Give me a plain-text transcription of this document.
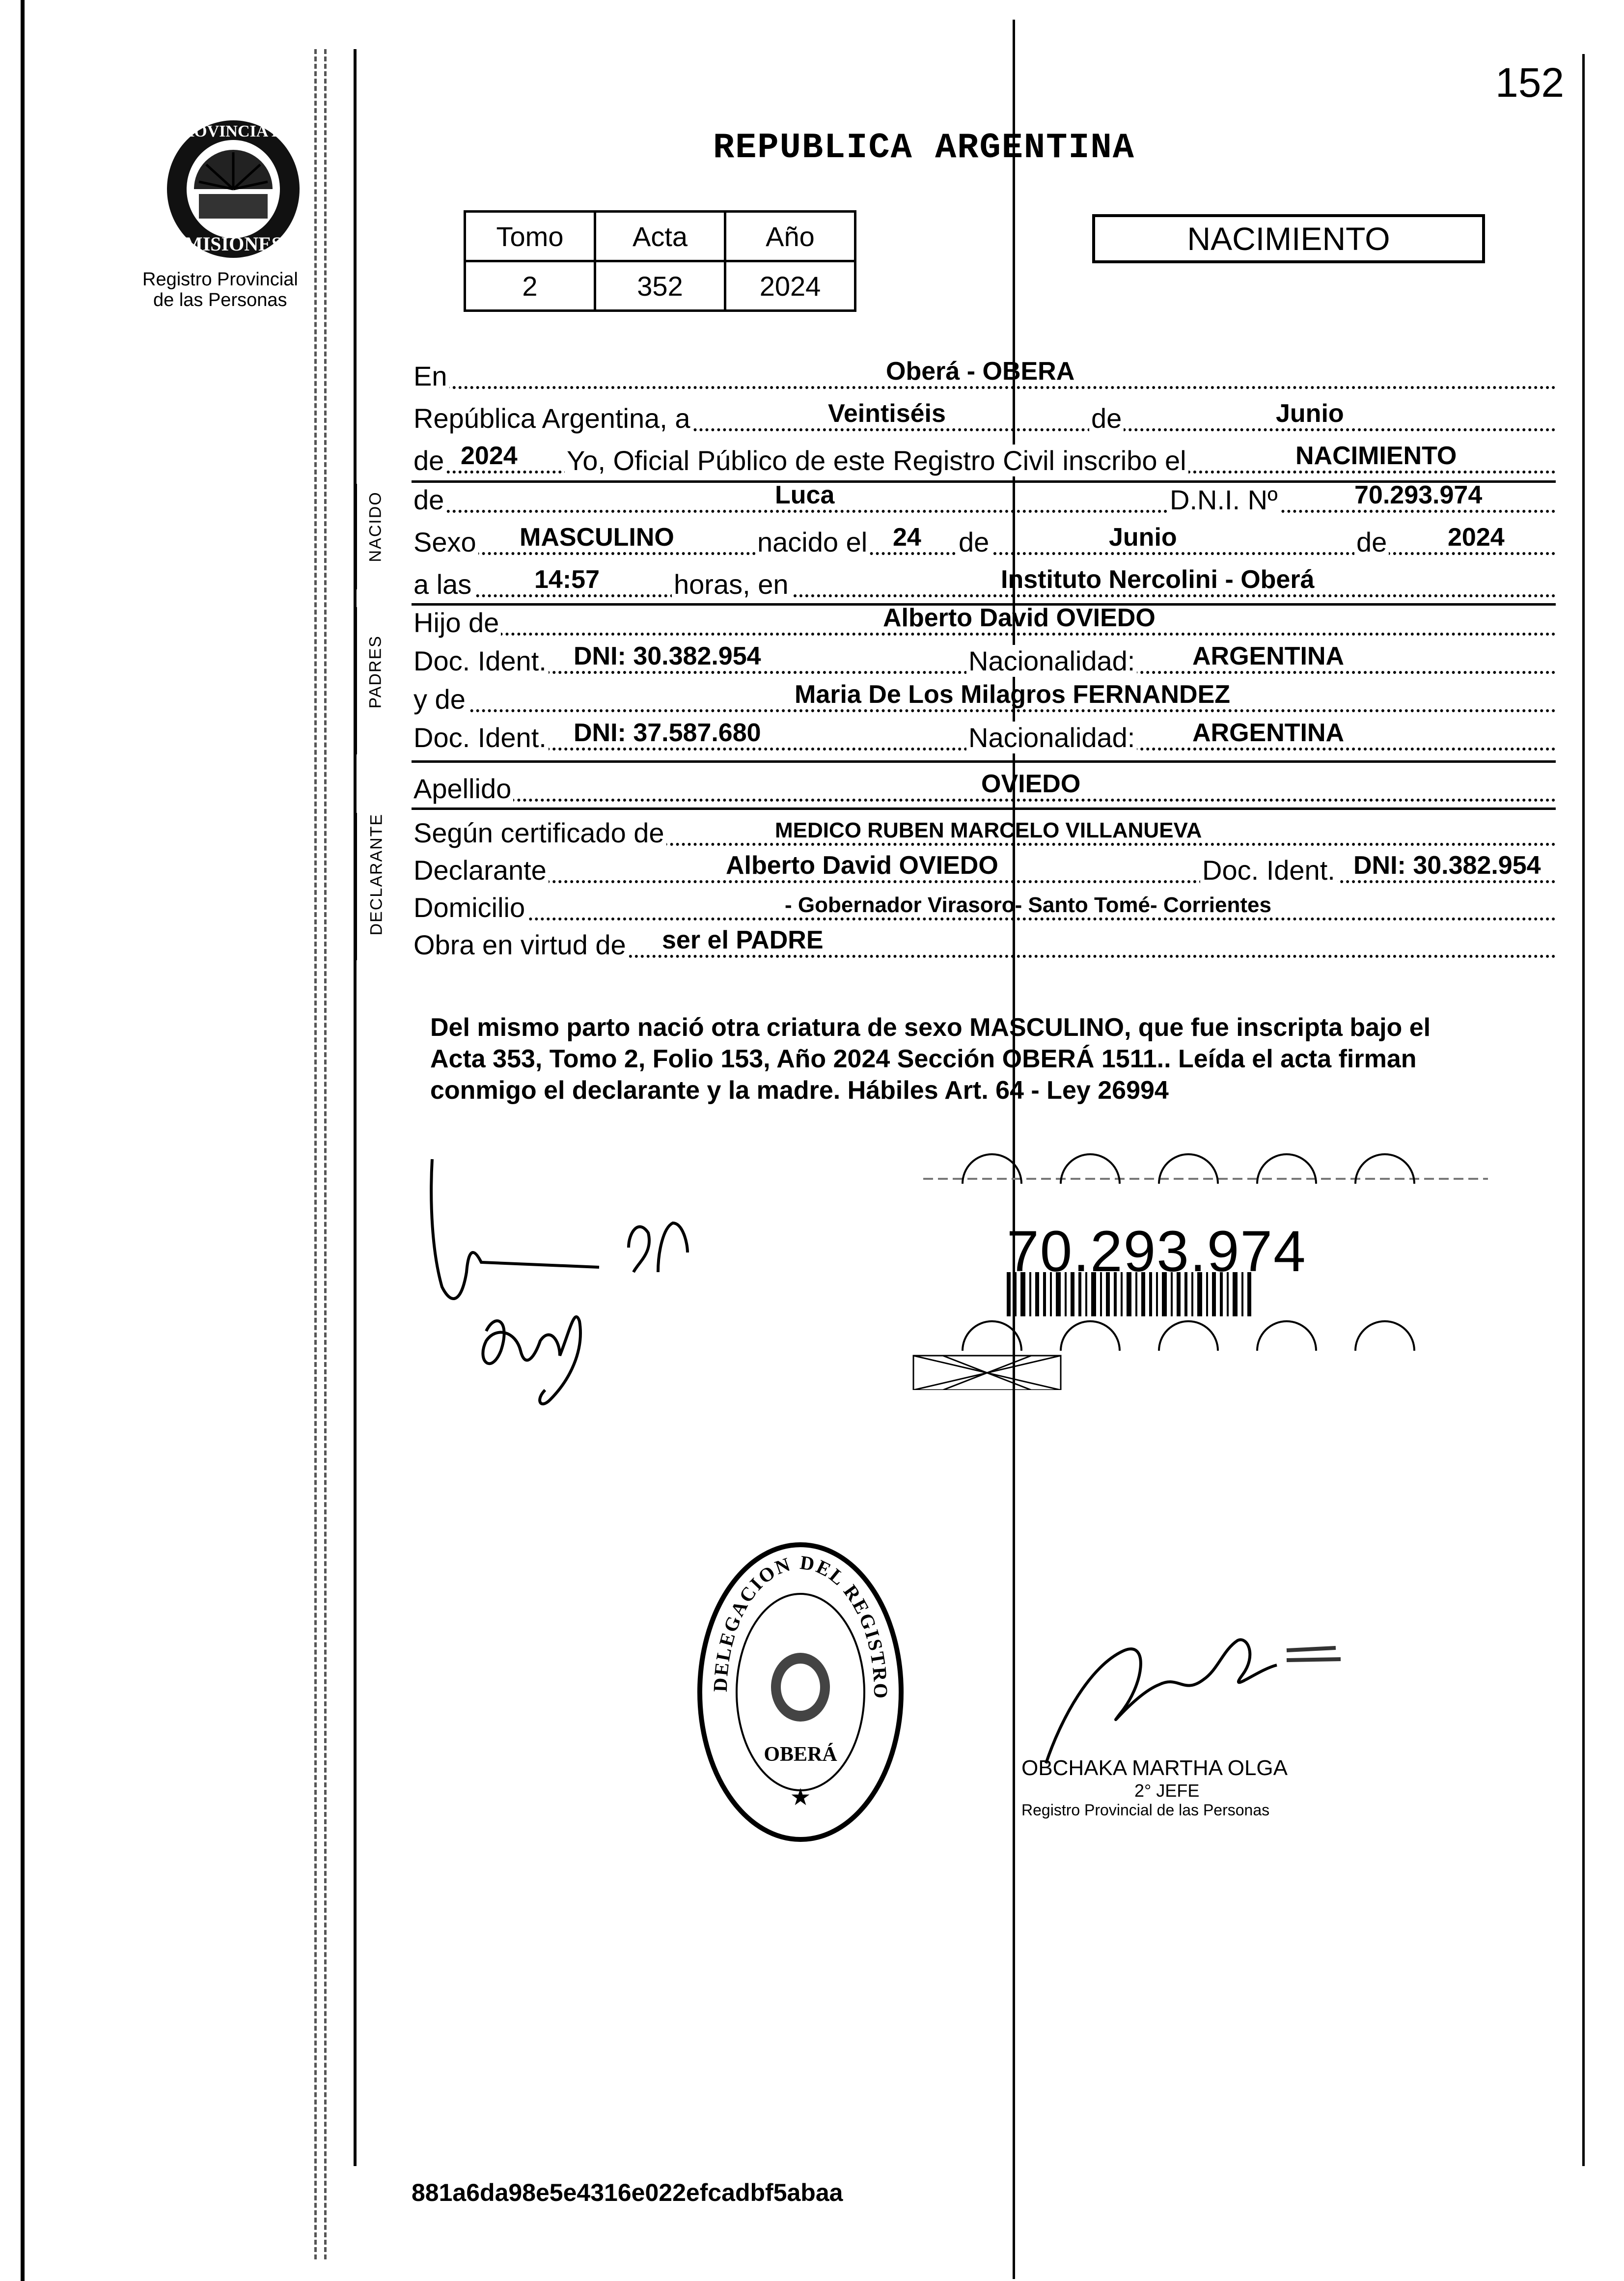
152
PROVINCIA DE
MISIONES
Registro Provincial
de las Personas
REPUBLICA ARGENTINA
Tomo	Acta	Año
2	352	2024
NACIMIENTO
En	Oberá - OBERA
República Argentina, a	Veintiséis	de	Junio
de 2024 Yo, Oficial Público de este Registro Civil inscribo el	NACIMIENTO
NACIDO de	Luca	D.N.I. Nº	70.293.974
Sexo MASCULINO	nacido el 24 de	Junio	de 2024
a las 14:57	horas, en	Instituto Nercolini - Oberá
PADRES
Hijo de	Alberto David OVIEDO
Doc. Ident. DNI: 30.382.954	Nacionalidad: ARGENTINA
y de	Maria De Los Milagros FERNANDEZ
Doc. Ident. DNI: 37.587.680	Nacionalidad: ARGENTINA
Apellido	OVIEDO
DECLARANTE Según certificado de	MEDICO RUBEN MARCELO VILLANUEVA
Declarante	Alberto David OVIEDO	Doc. Ident. DNI: 30.382.954
Domicilio	- Gobernador Virasoro- Santo Tomé- Corrientes
Obra en virtud de ser el PADRE
Del mismo parto nació otra criatura de sexo MASCULINO, que fue inscripta bajo el
Acta 353, Tomo 2, Folio 153, Año 2024 Sección OBERÁ 1511.. Leída el acta firman
conmigo el declarante y la madre. Hábiles Art. 64 - Ley 26994
70.293.974
DELEGACION DEL REGISTRO
OBERÁ
★
OBCHAKA MARTHA OLGA
2° JEFE
Registro Provincial de las Personas
881a6da98e5e4316e022efcadbf5abaa
